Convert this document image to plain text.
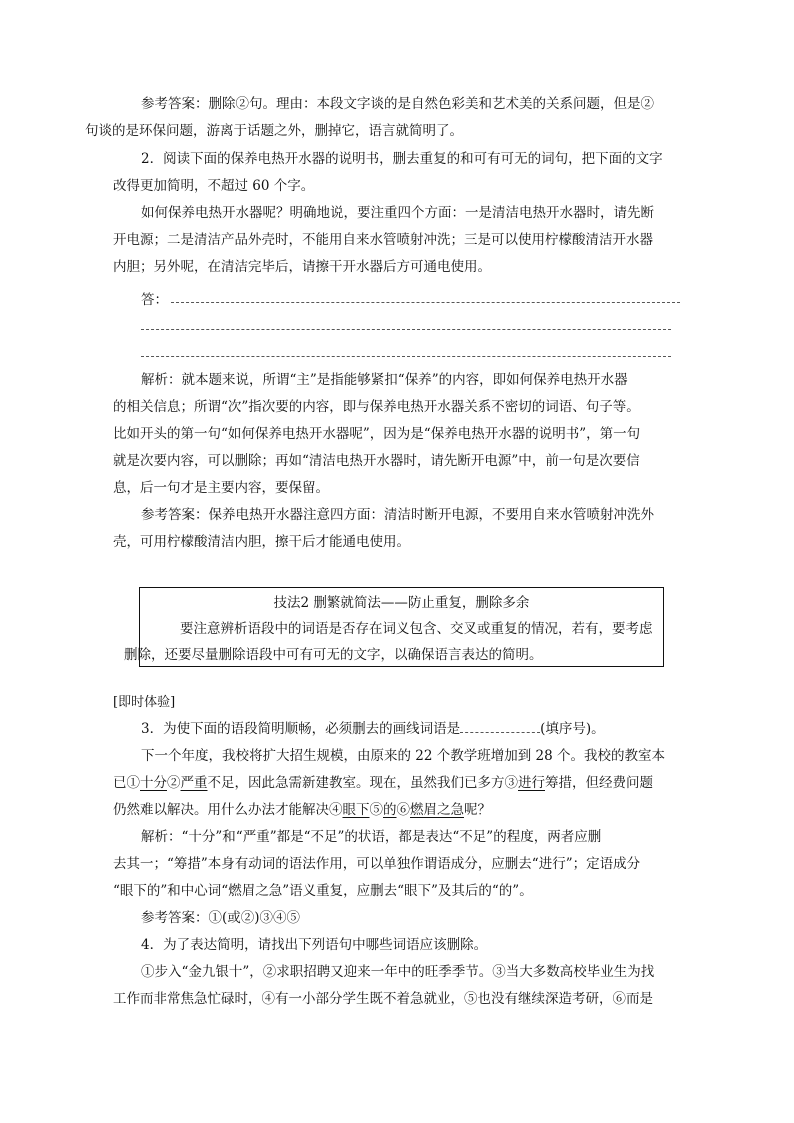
参考答案：删除②句。理由：本段文字谈的是自然色彩美和艺术美的关系问题，但是②
句谈的是环保问题，游离于话题之外，删掉它，语言就简明了。
2．阅读下面的保养电热开水器的说明书，删去重复的和可有可无的词句，把下面的文字
改得更加简明，不超过 60 个字。
如何保养电热开水器呢？明确地说，要注重四个方面：一是清洁电热开水器时，请先断
开电源；二是清洁产品外壳时，不能用自来水管喷射冲洗；三是可以使用柠檬酸清洁开水器
内胆；另外呢，在清洁完毕后，请擦干开水器后方可通电使用。
答：
解析：就本题来说，所谓“主”是指能够紧扣“保养”的内容，即如何保养电热开水器
的相关信息；所谓“次”指次要的内容，即与保养电热开水器关系不密切的词语、句子等。
比如开头的第一句“如何保养电热开水器呢”，因为是“保养电热开水器的说明书”，第一句
就是次要内容，可以删除；再如“清洁电热开水器时，请先断开电源”中，前一句是次要信
息，后一句才是主要内容，要保留。
参考答案：保养电热开水器注意四方面：清洁时断开电源，不要用自来水管喷射冲洗外
壳，可用柠檬酸清洁内胆，擦干后才能通电使用。
技法2 删繁就简法——防止重复，删除多余
要注意辨析语段中的词语是否存在词义包含、交叉或重复的情况，若有，要考虑
删除，还要尽量删除语段中可有可无的文字，以确保语言表达的简明。
[即时体验]
3．为使下面的语段简明顺畅，必须删去的画线词语是	(填序号)。
下一个年度，我校将扩大招生规模，由原来的 22 个教学班增加到 28 个。我校的教室本
已①十分②严重不足，因此急需新建教室。现在，虽然我们已多方③进行筹措，但经费问题
仍然难以解决。用什么办法才能解决④眼下⑤的⑥燃眉之急呢？
解析：“十分”和“严重”都是“不足”的状语，都是表达“不足”的程度，两者应删
去其一；“筹措”本身有动词的语法作用，可以单独作谓语成分，应删去“进行”；定语成分
“眼下的”和中心词“燃眉之急”语义重复，应删去“眼下”及其后的“的”。
参考答案：①(或②)③④⑤
4．为了表达简明，请找出下列语句中哪些词语应该删除。
①步入“金九银十”，②求职招聘又迎来一年中的旺季季节。③当大多数高校毕业生为找
工作而非常焦急忙碌时，④有一小部分学生既不着急就业，⑤也没有继续深造考研，⑥而是
